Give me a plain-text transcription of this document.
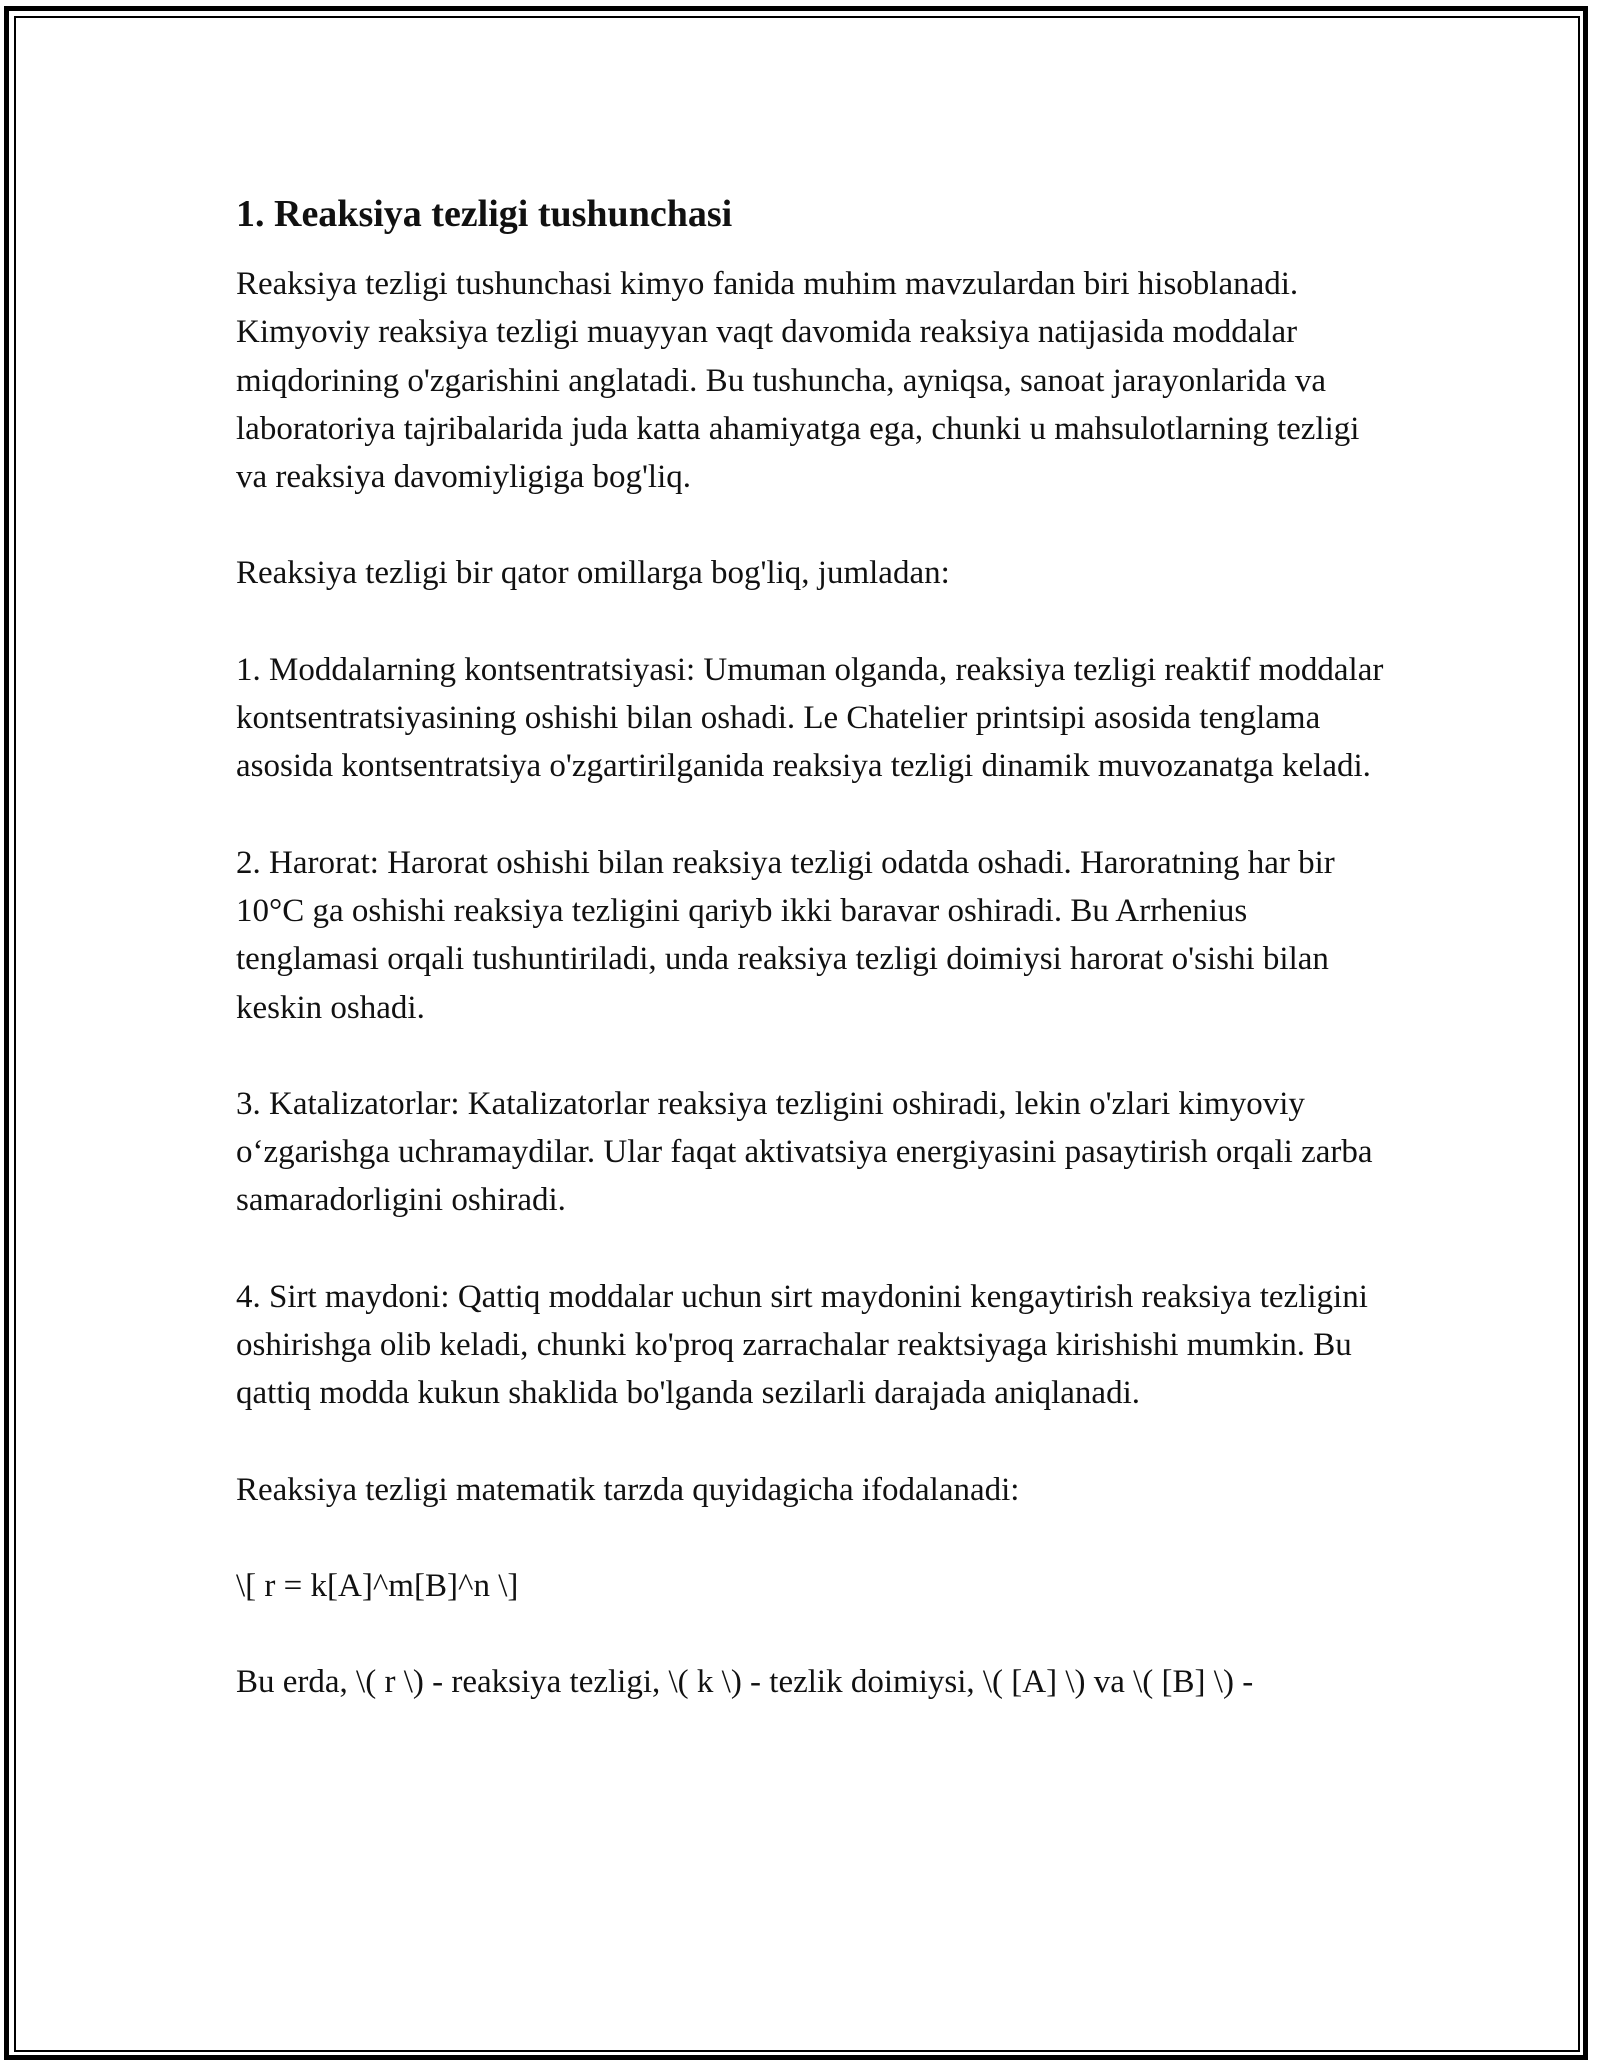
1. Reaksiya tezligi tushunchasi

Reaksiya tezligi tushunchasi kimyo fanida muhim mavzulardan biri hisoblanadi. Kimyoviy reaksiya tezligi muayyan vaqt davomida reaksiya natijasida moddalar miqdorining o'zgarishini anglatadi. Bu tushuncha, ayniqsa, sanoat jarayonlarida va laboratoriya tajribalarida juda katta ahamiyatga ega, chunki u mahsulotlarning tezligi va reaksiya davomiyligiga bog'liq.

Reaksiya tezligi bir qator omillarga bog'liq, jumladan:

1. Moddalarning kontsentratsiyasi: Umuman olganda, reaksiya tezligi reaktif moddalar kontsentratsiyasining oshishi bilan oshadi. Le Chatelier printsipi asosida tenglama asosida kontsentratsiya o'zgartirilganida reaksiya tezligi dinamik muvozanatga keladi.

2. Harorat: Harorat oshishi bilan reaksiya tezligi odatda oshadi. Haroratning har bir 10°C ga oshishi reaksiya tezligini qariyb ikki baravar oshiradi. Bu Arrhenius tenglamasi orqali tushuntiriladi, unda reaksiya tezligi doimiysi harorat o'sishi bilan keskin oshadi.

3. Katalizatorlar: Katalizatorlar reaksiya tezligini oshiradi, lekin o'zlari kimyoviy o‘zgarishga uchramaydilar. Ular faqat aktivatsiya energiyasini pasaytirish orqali zarba samaradorligini oshiradi.

4. Sirt maydoni: Qattiq moddalar uchun sirt maydonini kengaytirish reaksiya tezligini oshirishga olib keladi, chunki ko'proq zarrachalar reaktsiyaga kirishishi mumkin. Bu qattiq modda kukun shaklida bo'lganda sezilarli darajada aniqlanadi.

Reaksiya tezligi matematik tarzda quyidagicha ifodalanadi:

\[ r = k[A]^m[B]^n \]

Bu erda, \( r \) - reaksiya tezligi, \( k \) - tezlik doimiysi, \( [A] \) va \( [B] \) -
